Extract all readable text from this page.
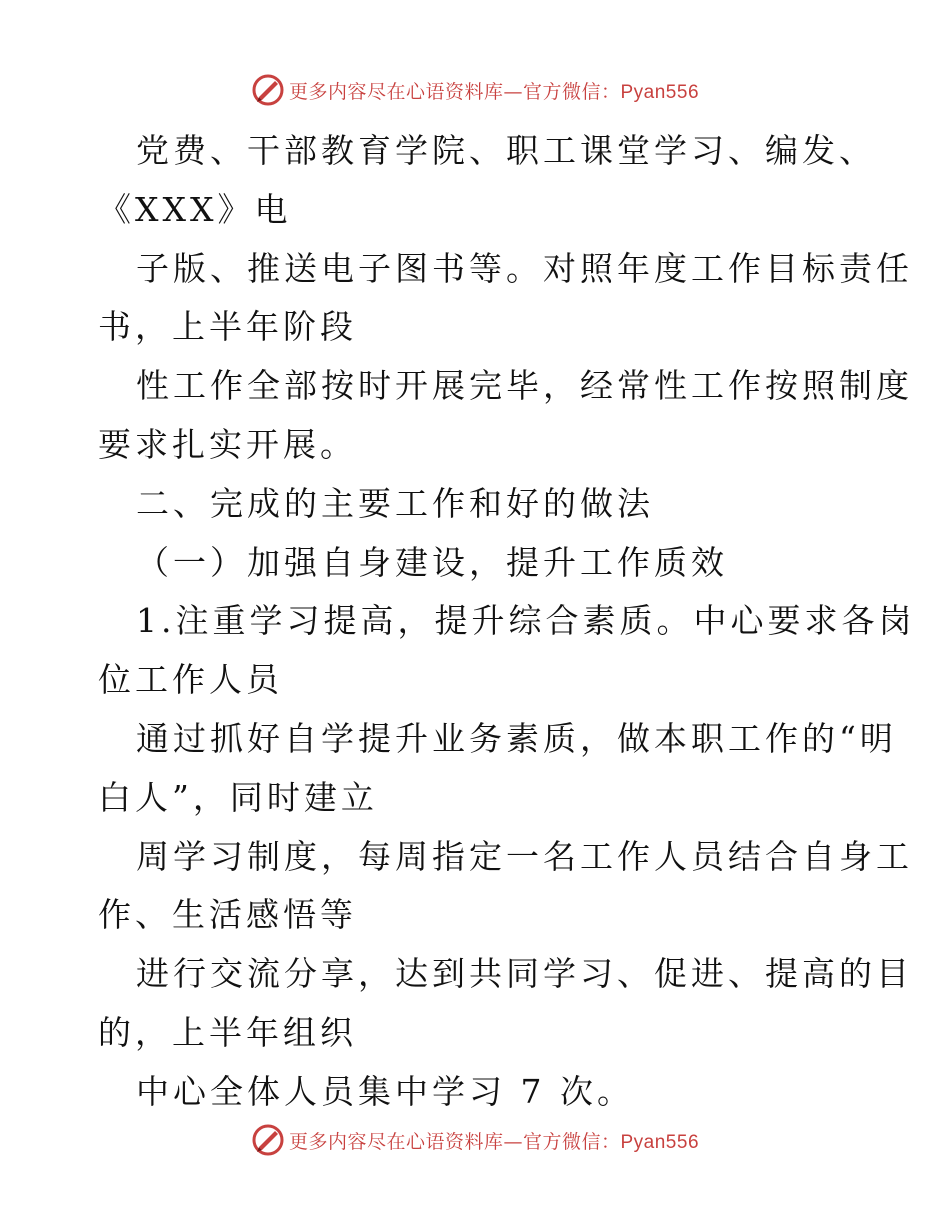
更多内容尽在心语资料库—官方微信：Pyan556
党费、干部教育学院、职工课堂学习、编发、
《XXX》电
子版、推送电子图书等。对照年度工作目标责任
书，上半年阶段
性工作全部按时开展完毕，经常性工作按照制度
要求扎实开展。
二、完成的主要工作和好的做法
（一）加强自身建设，提升工作质效
1.注重学习提高，提升综合素质。中心要求各岗
位工作人员
通过抓好自学提升业务素质，做本职工作的“明
白人”，同时建立
周学习制度，每周指定一名工作人员结合自身工
作、生活感悟等
进行交流分享，达到共同学习、促进、提高的目
的，上半年组织
中心全体人员集中学习 7 次。
更多内容尽在心语资料库—官方微信：Pyan556
